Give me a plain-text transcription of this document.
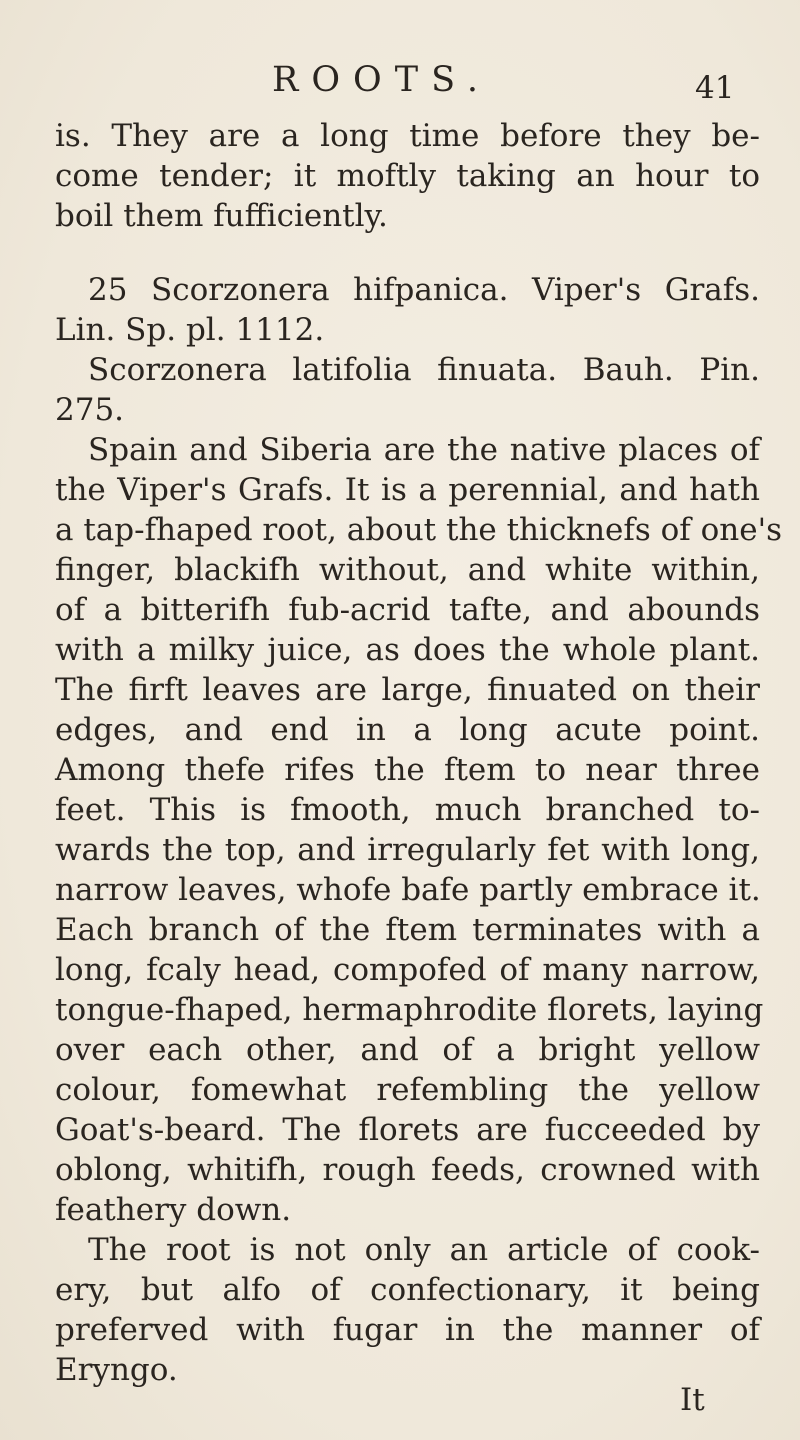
ROOTS.	41
is. They are a long time before they be-
come tender; it moftly taking an hour to
boil them fufficiently.
25 Scorzonera hifpanica. Viper's Grafs.
Lin. Sp. pl. 1112.
Scorzonera latifolia finuata. Bauh. Pin.
275.
Spain and Siberia are the native places of
the Viper's Grafs. It is a perennial, and hath
a tap-fhaped root, about the thicknefs of one's
finger, blackifh without, and white within,
of a bitterifh fub-acrid tafte, and abounds
with a milky juice, as does the whole plant.
The firft leaves are large, finuated on their
edges, and end in a long acute point.
Among thefe rifes the ftem to near three
feet. This is fmooth, much branched to-
wards the top, and irregularly fet with long,
narrow leaves, whofe bafe partly embrace it.
Each branch of the ftem terminates with a
long, fcaly head, compofed of many narrow,
tongue-fhaped, hermaphrodite florets, laying
over each other, and of a bright yellow
colour, fomewhat refembling the yellow
Goat's-beard. The florets are fucceeded by
oblong, whitifh, rough feeds, crowned with
feathery down.
The root is not only an article of cook-
ery, but alfo of confectionary, it being
preferved with fugar in the manner of
Eryngo.
It
